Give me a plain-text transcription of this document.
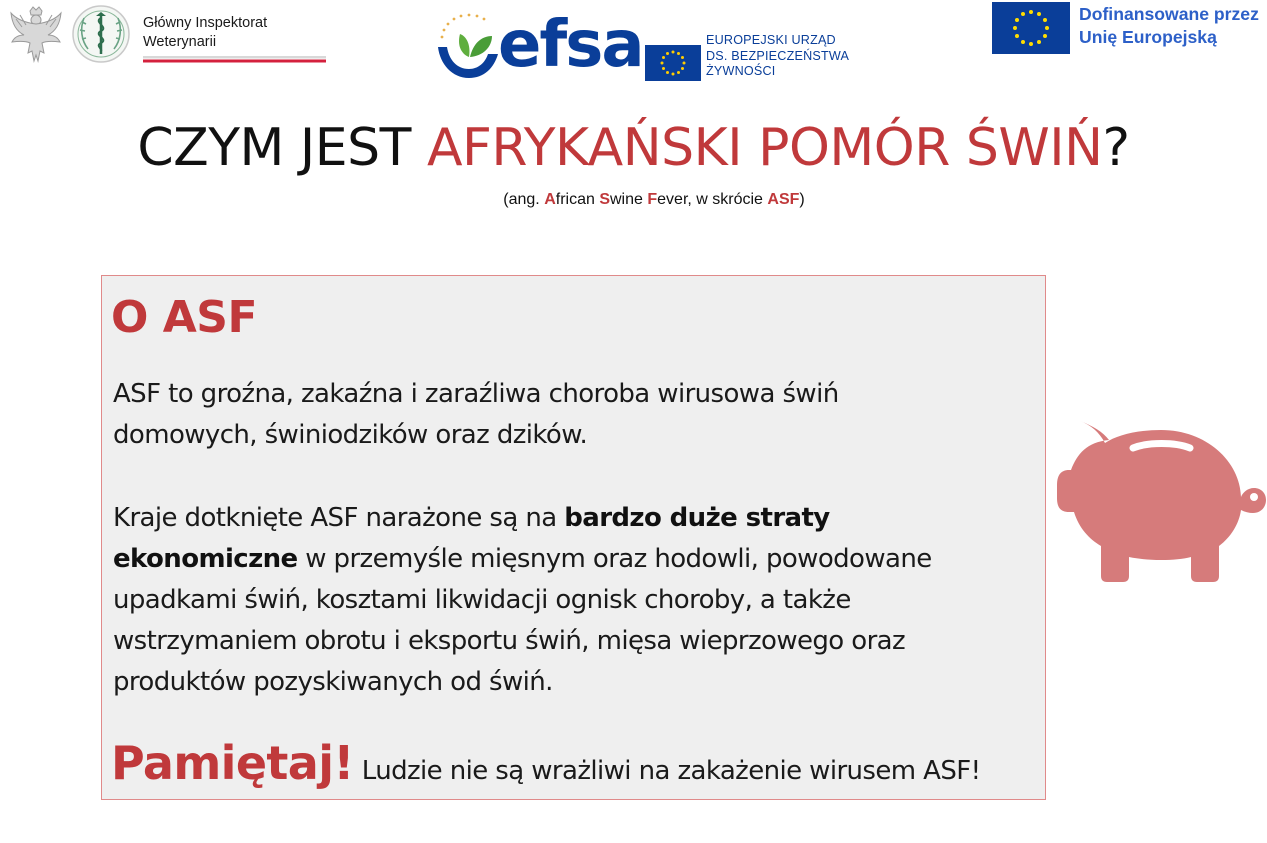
Główny Inspektorat
Weterynarii	efsa	EUROPEJSKI URZĄD
DS. BEZPIECZEŃSTWA
ŻYWNOŚCI
Dofinansowane przez
Unię Europejską
CZYM JEST AFRYKAŃSKI POMÓR ŚWIŃ?
(ang. African Swine Fever, w skrócie ASF)
O ASF
ASF to groźna, zakaźna i zaraźliwa choroba wirusowa świń
domowych, świniodzików oraz dzików.
Kraje dotknięte ASF narażone są na bardzo duże straty
ekonomiczne w przemyśle mięsnym oraz hodowli, powodowane
upadkami świń, kosztami likwidacji ognisk choroby, a także
wstrzymaniem obrotu i eksportu świń, mięsa wieprzowego oraz
produktów pozyskiwanych od świń.
Pamiętaj! Ludzie nie są wrażliwi na zakażenie wirusem ASF!
